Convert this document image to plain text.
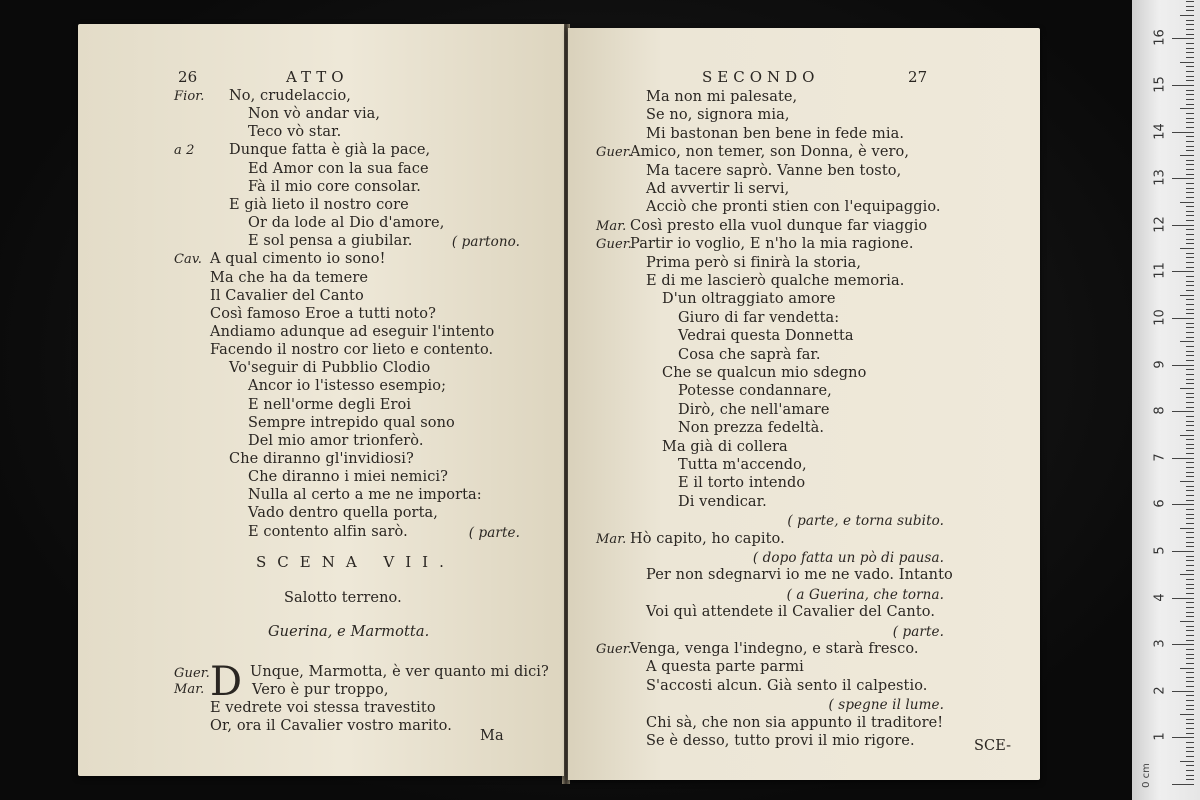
26	ATTO
Fior. No, crudelaccio,
Non vò andar via,
Teco vò star.
a 2 Dunque fatta è già la pace,
Ed Amor con la sua face
Fà il mio core consolar.
E già lieto il nostro core
Or da lode al Dio d'amore,
E sol pensa a giubilar.	( partono.
Cav. A qual cimento io sono!
Ma che ha da temere
Il Cavalier del Canto
Così famoso Eroe a tutti noto?
Andiamo adunque ad eseguir l'intento
Facendo il nostro cor lieto e contento.
Vo'seguir di Pubblio Clodio
Ancor io l'istesso esempio;
E nell'orme degli Eroi
Sempre intrepido qual sono
Del mio amor trionferò.
Che diranno gl'invidiosi?
Che diranno i miei nemici?
Nulla al certo a me ne importa:
Vado dentro quella porta,
E contento alfin sarò.	( parte.
SCENA VII.
Salotto terreno.
Guerina, e Marmotta.
D
Guer.	Unque, Marmotta, è ver quanto mi dici?
Mar.	Vero è pur troppo,
E vedrete voi stessa travestito
Or, ora il Cavalier vostro marito.
Ma
SECONDO	27
Ma non mi palesate,
Se no, signora mia,
Mi bastonan ben bene in fede mia.
Guer.
Amico, non temer, son Donna, è vero,
Ma tacere saprò. Vanne ben tosto,
Ad avvertir li servi,
Acciò che pronti stien con l'equipaggio.
Mar. Così presto ella vuol dunque far viaggio
Guer.
Partir io voglio, E n'ho la mia ragione.
Prima però si finirà la storia,
E di me lascierò qualche memoria.
D'un oltraggiato amore
Giuro di far vendetta:
Vedrai questa Donnetta
Cosa che saprà far.
Che se qualcun mio sdegno
Potesse condannare,
Dirò, che nell'amare
Non prezza fedeltà.
Ma già di collera
Tutta m'accendo,
E il torto intendo
Di vendicar.
( parte, e torna subito.
Mar. Hò capito, ho capito.
( dopo fatta un pò di pausa.
Per non sdegnarvi io me ne vado. Intanto
( a Guerina, che torna.
Voi quì attendete il Cavalier del Canto.
( parte.
Guer.
Venga, venga l'indegno, e starà fresco.
A questa parte parmi
S'accosti alcun. Già sento il calpestio.
( spegne il lume.
Chi sà, che non sia appunto il traditore!
Se è desso, tutto provi il mio rigore.	SCE-
16
15
14
13
12
11
10
9
8
7
6
5
4
3
2
1
0 cm
